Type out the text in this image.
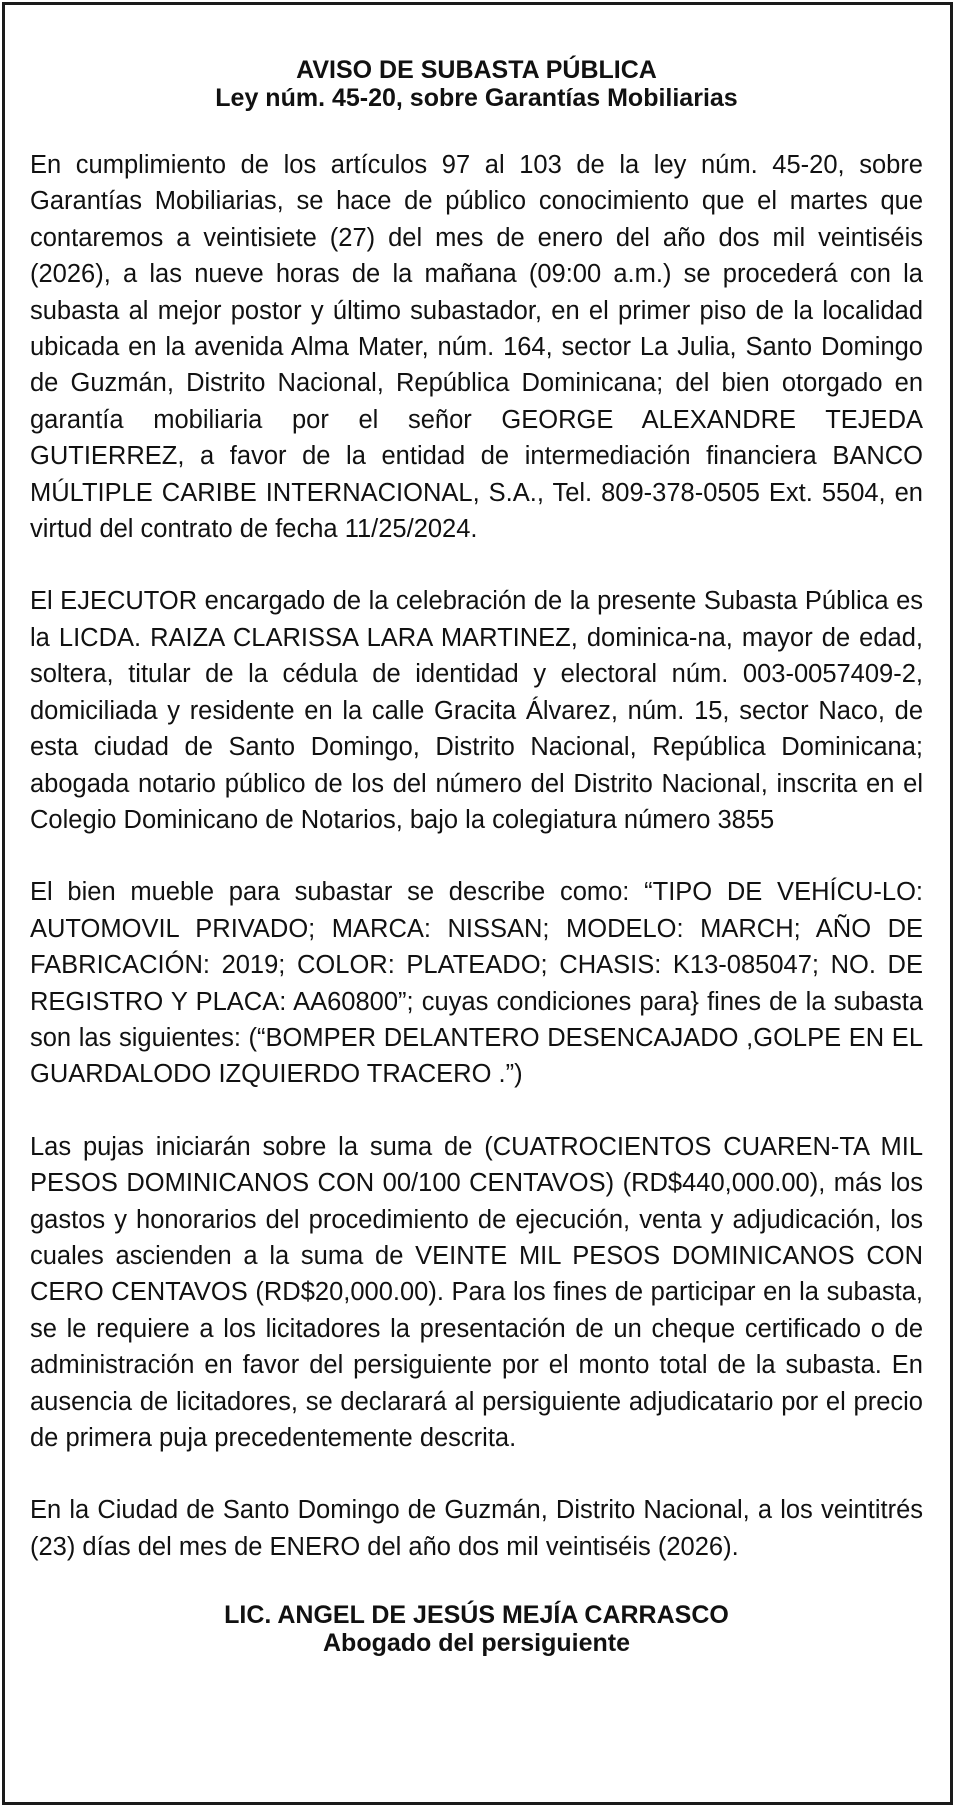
AVISO DE SUBASTA PÚBLICA
Ley núm. 45-20, sobre Garantías Mobiliarias

En cumplimiento de los artículos 97 al 103 de la ley núm. 45-20, sobre Garantías Mobiliarias, se hace de público conocimiento que el martes que contaremos a veintisiete (27) del mes de enero del año dos mil veintiséis (2026), a las nueve horas de la mañana (09:00 a.m.) se procederá con la subasta al mejor postor y último subastador, en el primer piso de la localidad ubicada en la avenida Alma Mater, núm. 164, sector La Julia, Santo Domingo de Guzmán, Distrito Nacional, República Dominicana; del bien otorgado en garantía mobiliaria por el señor GEORGE ALEXANDRE TEJEDA GUTIERREZ, a favor de la entidad de intermediación financiera BANCO MÚLTIPLE CARIBE INTERNACIONAL, S.A., Tel. 809-378-0505 Ext. 5504, en virtud del contrato de fecha 11/25/2024.

El EJECUTOR encargado de la celebración de la presente Subasta Pública es la LICDA. RAIZA CLARISSA LARA MARTINEZ, dominica-na, mayor de edad, soltera, titular de la cédula de identidad y electoral núm. 003-0057409-2, domiciliada y residente en la calle Gracita Álvarez, núm. 15, sector Naco, de esta ciudad de Santo Domingo, Distrito Nacional, República Dominicana; abogada notario público de los del número del Distrito Nacional, inscrita en el Colegio Dominicano de Notarios, bajo la colegiatura número 3855

El bien mueble para subastar se describe como: “TIPO DE VEHÍCU-LO: AUTOMOVIL PRIVADO; MARCA: NISSAN; MODELO: MARCH; AÑO DE FABRICACIÓN: 2019; COLOR: PLATEADO; CHASIS: K13-085047; NO. DE REGISTRO Y PLACA: AA60800”; cuyas condiciones para} fines de la subasta son las siguientes: (“BOMPER DELANTERO DESENCAJADO ,GOLPE EN EL GUARDALODO IZQUIERDO TRACERO .”)

Las pujas iniciarán sobre la suma de (CUATROCIENTOS CUAREN-TA MIL PESOS DOMINICANOS CON 00/100 CENTAVOS) (RD$440,000.00), más los gastos y honorarios del procedimiento de ejecución, venta y adjudicación, los cuales ascienden a la suma de VEINTE MIL PESOS DOMINICANOS CON CERO CENTAVOS (RD$20,000.00). Para los fines de participar en la subasta, se le requiere a los licitadores la presentación de un cheque certificado o de administración en favor del persiguiente por el monto total de la subasta. En ausencia de licitadores, se declarará al persiguiente adjudicatario por el precio de primera puja precedentemente descrita.

En la Ciudad de Santo Domingo de Guzmán, Distrito Nacional, a los veintitrés (23) días del mes de ENERO del año dos mil veintiséis (2026).

LIC. ANGEL DE JESÚS MEJÍA CARRASCO
Abogado del persiguiente
